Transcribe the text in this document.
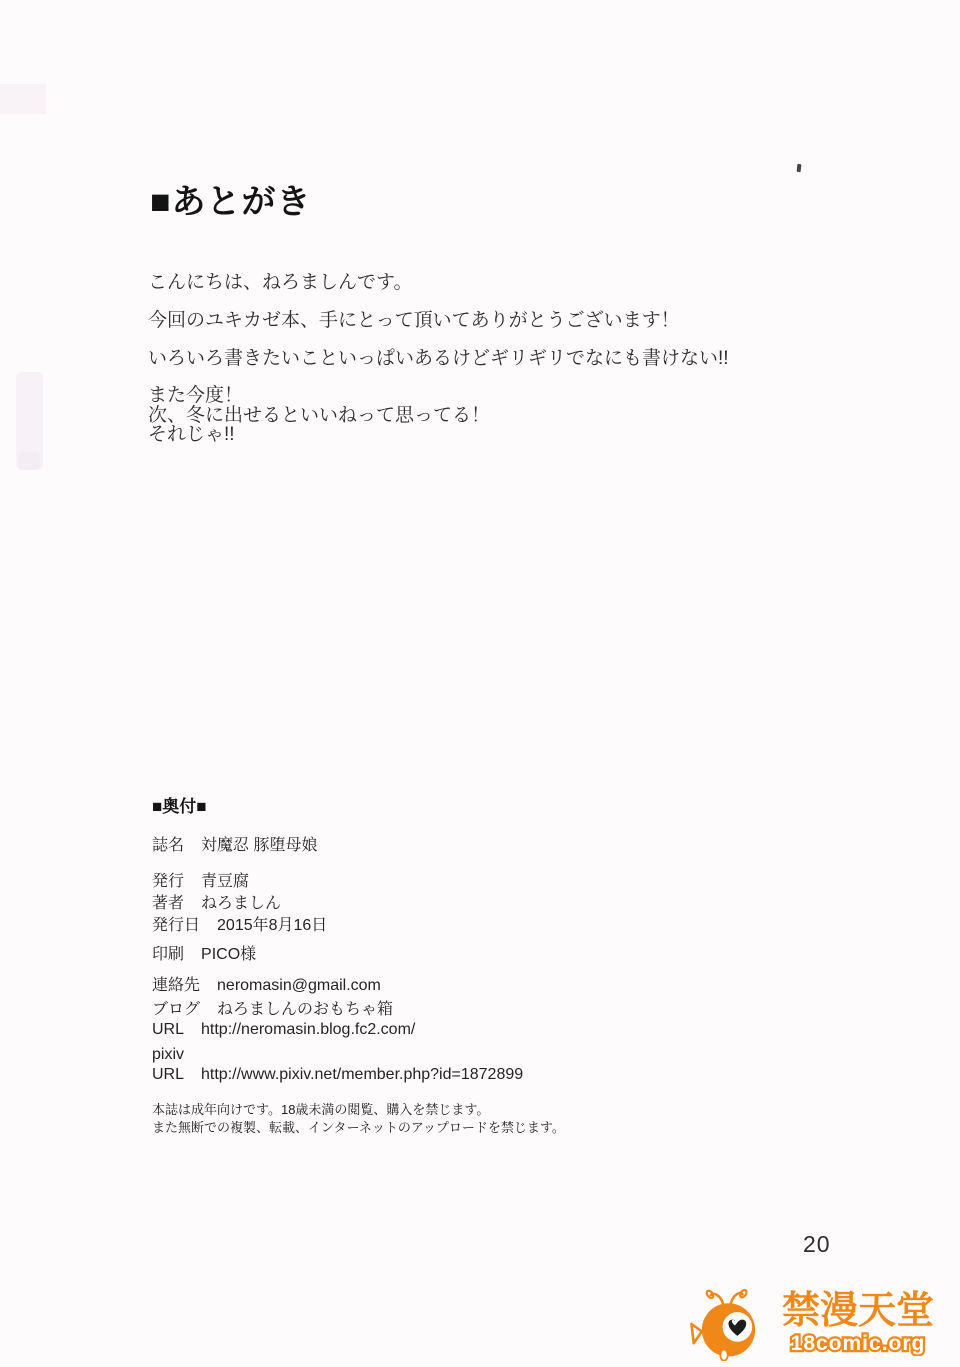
■あとがき

こんにちは、ねろましんです。

今回のユキカゼ本、手にとって頂いてありがとうございます！

いろいろ書きたいこといっぱいあるけどギリギリでなにも書けない!!

また今度！
次、冬に出せるといいねって思ってる！
それじゃ!!
■奥付■
誌名 対魔忍 豚堕母娘
発行 青豆腐
著者 ねろましん
発行日 2015年8月16日
印刷 PICO様
連絡先 neromasin@gmail.com
ブログ ねろましんのおもちゃ箱
URL http://neromasin.blog.fc2.com/
pixiv
URL http://www.pixiv.net/member.php?id=1872899
本誌は成年向けです。18歳未満の閲覧、購入を禁じます。
また無断での複製、転載、インターネットのアップロードを禁じます。
20
禁漫天堂
18comic.org
